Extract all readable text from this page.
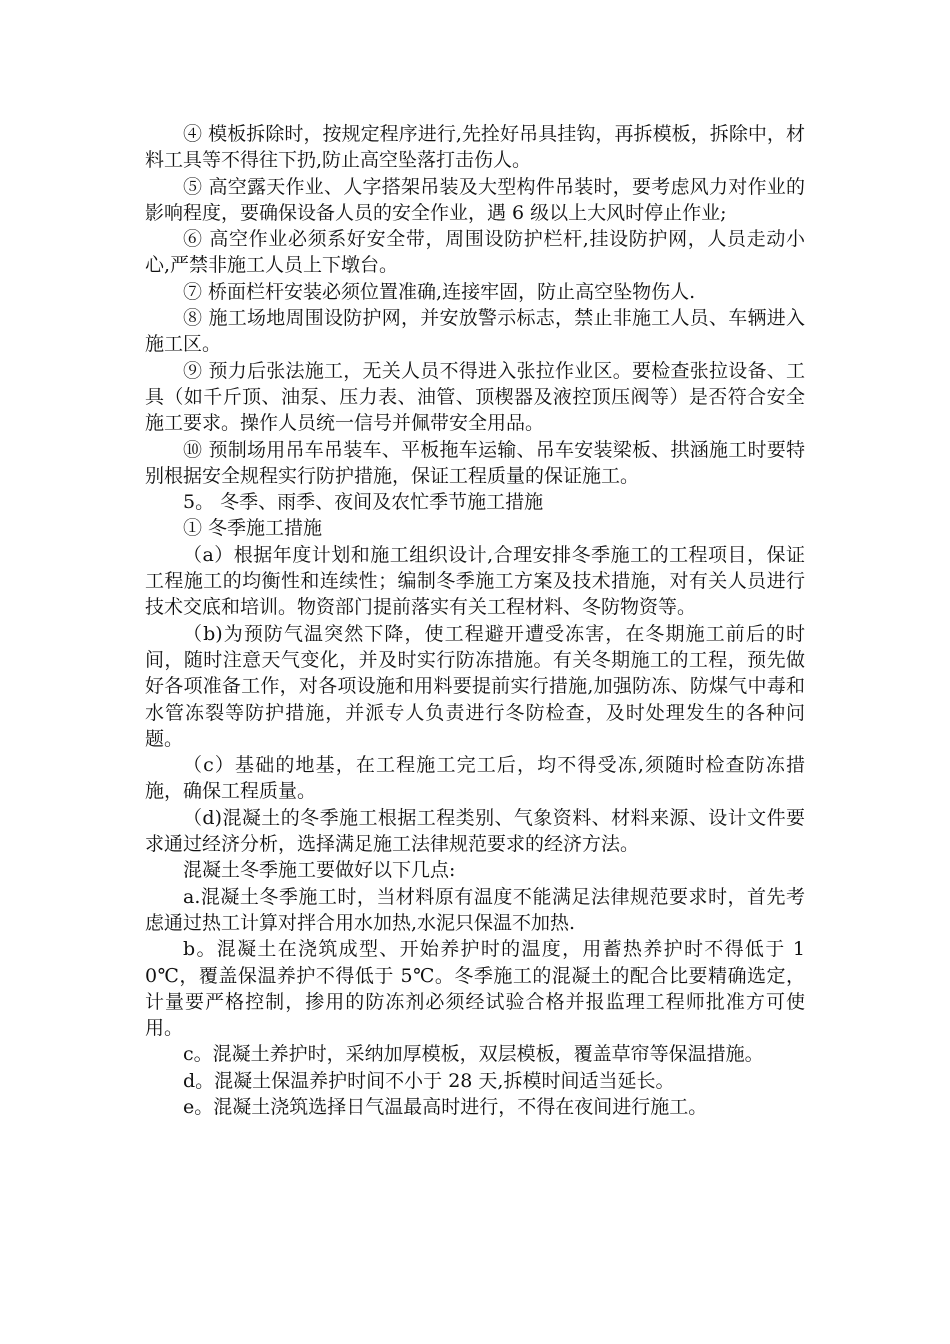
④ 模板拆除时，按规定程序进行,先拴好吊具挂钩，再拆模板，拆除中，材料工具等不得往下扔,防止高空坠落打击伤人。

⑤ 高空露天作业、人字搭架吊装及大型构件吊装时，要考虑风力对作业的影响程度，要确保设备人员的安全作业，遇 6 级以上大风时停止作业;

⑥ 高空作业必须系好安全带，周围设防护栏杆,挂设防护网，人员走动小心,严禁非施工人员上下墩台。

⑦ 桥面栏杆安装必须位置准确,连接牢固，防止高空坠物伤人.

⑧ 施工场地周围设防护网，并安放警示标志，禁止非施工人员、车辆进入施工区。

⑨ 预力后张法施工，无关人员不得进入张拉作业区。要检查张拉设备、工具（如千斤顶、油泵、压力表、油管、顶楔器及液控顶压阀等）是否符合安全施工要求。操作人员统一信号并佩带安全用品。

⑩ 预制场用吊车吊装车、平板拖车运输、吊车安装梁板、拱涵施工时要特别根据安全规程实行防护措施，保证工程质量的保证施工。

5。 冬季、雨季、夜间及农忙季节施工措施

① 冬季施工措施

（a）根据年度计划和施工组织设计,合理安排冬季施工的工程项目，保证工程施工的均衡性和连续性；编制冬季施工方案及技术措施，对有关人员进行技术交底和培训。物资部门提前落实有关工程材料、冬防物资等。

（b)为预防气温突然下降，使工程避开遭受冻害，在冬期施工前后的时间，随时注意天气变化，并及时实行防冻措施。有关冬期施工的工程，预先做好各项准备工作，对各项设施和用料要提前实行措施,加强防冻、防煤气中毒和水管冻裂等防护措施，并派专人负责进行冬防检查，及时处理发生的各种问题。

（c）基础的地基，在工程施工完工后，均不得受冻,须随时检查防冻措施，确保工程质量。

（d)混凝土的冬季施工根据工程类别、气象资料、材料来源、设计文件要求通过经济分析，选择满足施工法律规范要求的经济方法。

混凝土冬季施工要做好以下几点:

a.混凝土冬季施工时，当材料原有温度不能满足法律规范要求时，首先考虑通过热工计算对拌合用水加热,水泥只保温不加热.

b。混凝土在浇筑成型、开始养护时的温度，用蓄热养护时不得低于 10℃，覆盖保温养护不得低于 5℃。冬季施工的混凝土的配合比要精确选定，计量要严格控制，掺用的防冻剂必须经试验合格并报监理工程师批准方可使用。

c。混凝土养护时，采纳加厚模板，双层模板，覆盖草帘等保温措施。

d。混凝土保温养护时间不小于 28 天,拆模时间适当延长。

e。混凝土浇筑选择日气温最高时进行，不得在夜间进行施工。
